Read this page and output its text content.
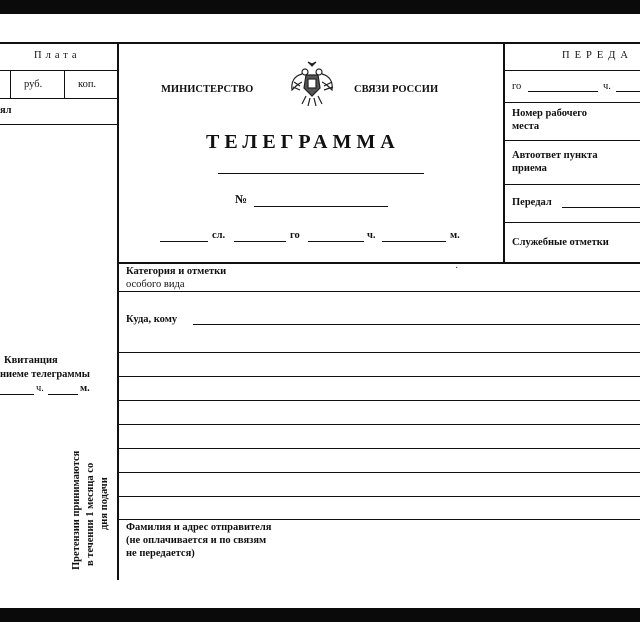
Плата
руб.	коп.
ял
Квитанция
ниеме телеграммы
ч.	м.
Претензии принимаются в течении 1 месяца со дня подачи
МИНИСТЕРСТВО	СВЯЗИ РОССИИ
ТЕЛЕГРАММА
№
сл.	го	ч.	м.
ПЕРЕДА
го	ч.
Номер рабочего места
Автоответ пункта приема
Передал
Служебные отметки
Категория и отметки
особого вида
·
Куда, кому
Фамилия и адрес отправителя
(не оплачивается и по связям
не передается)
